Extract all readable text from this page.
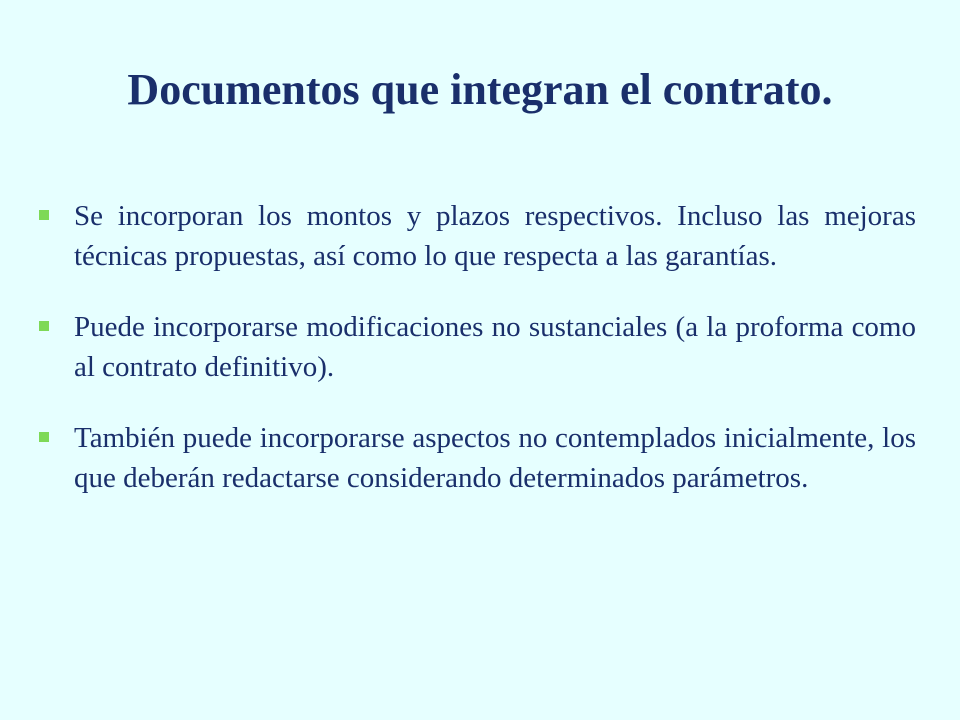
Documentos que integran el contrato.
Se incorporan los montos y plazos respectivos. Incluso las mejoras técnicas propuestas, así como lo que respecta a las garantías.
Puede incorporarse modificaciones no sustanciales (a la proforma como al contrato definitivo).
También puede incorporarse aspectos no contemplados inicialmente, los que deberán redactarse considerando determinados parámetros.
